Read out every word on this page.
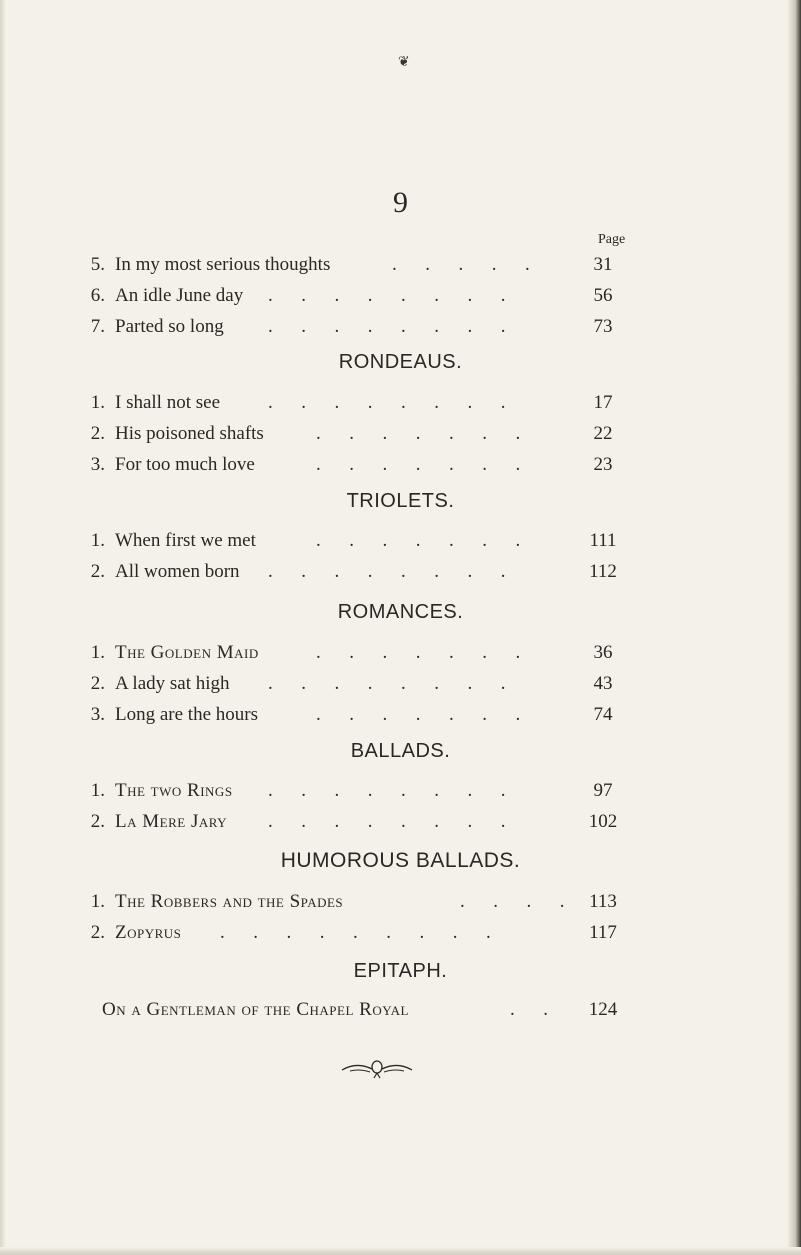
❦
9
Page
5. In my most serious thoughts	.      .      .      .      .	31
6. An idle June day .      .      .      .      .      .      .      .	56
7. Parted so long .      .      .      .      .      .      .      .	73
RONDEAUS.
1. I shall not see	.      .      .      .      .      .      .      .	17
2. His poisoned shafts	.      .      .      .      .      .      .	22
3. For too much love	.      .      .      .      .      .      .	23
TRIOLETS.
1. When first we met	.      .      .      .      .      .      .	111
2. All women born .      .      .      .      .      .      .      .	112
ROMANCES.
1. The Golden Maid	.      .      .      .      .      .      .	36
2. A lady sat high .      .      .      .      .      .      .      .	43
3. Long are the hours	.      .      .      .      .      .      .	74
BALLADS.
1. The two Rings .      .      .      .      .      .      .      .	97
2. La Mere Jary .      .      .      .      .      .      .      .	102
HUMOROUS BALLADS.
1. The Robbers and the Spades	.      .      .      .	113
2. Zopyrus .      .      .      .      .      .      .      .      .	117
EPITAPH.
On a Gentleman of the Chapel Royal	.      .	124
